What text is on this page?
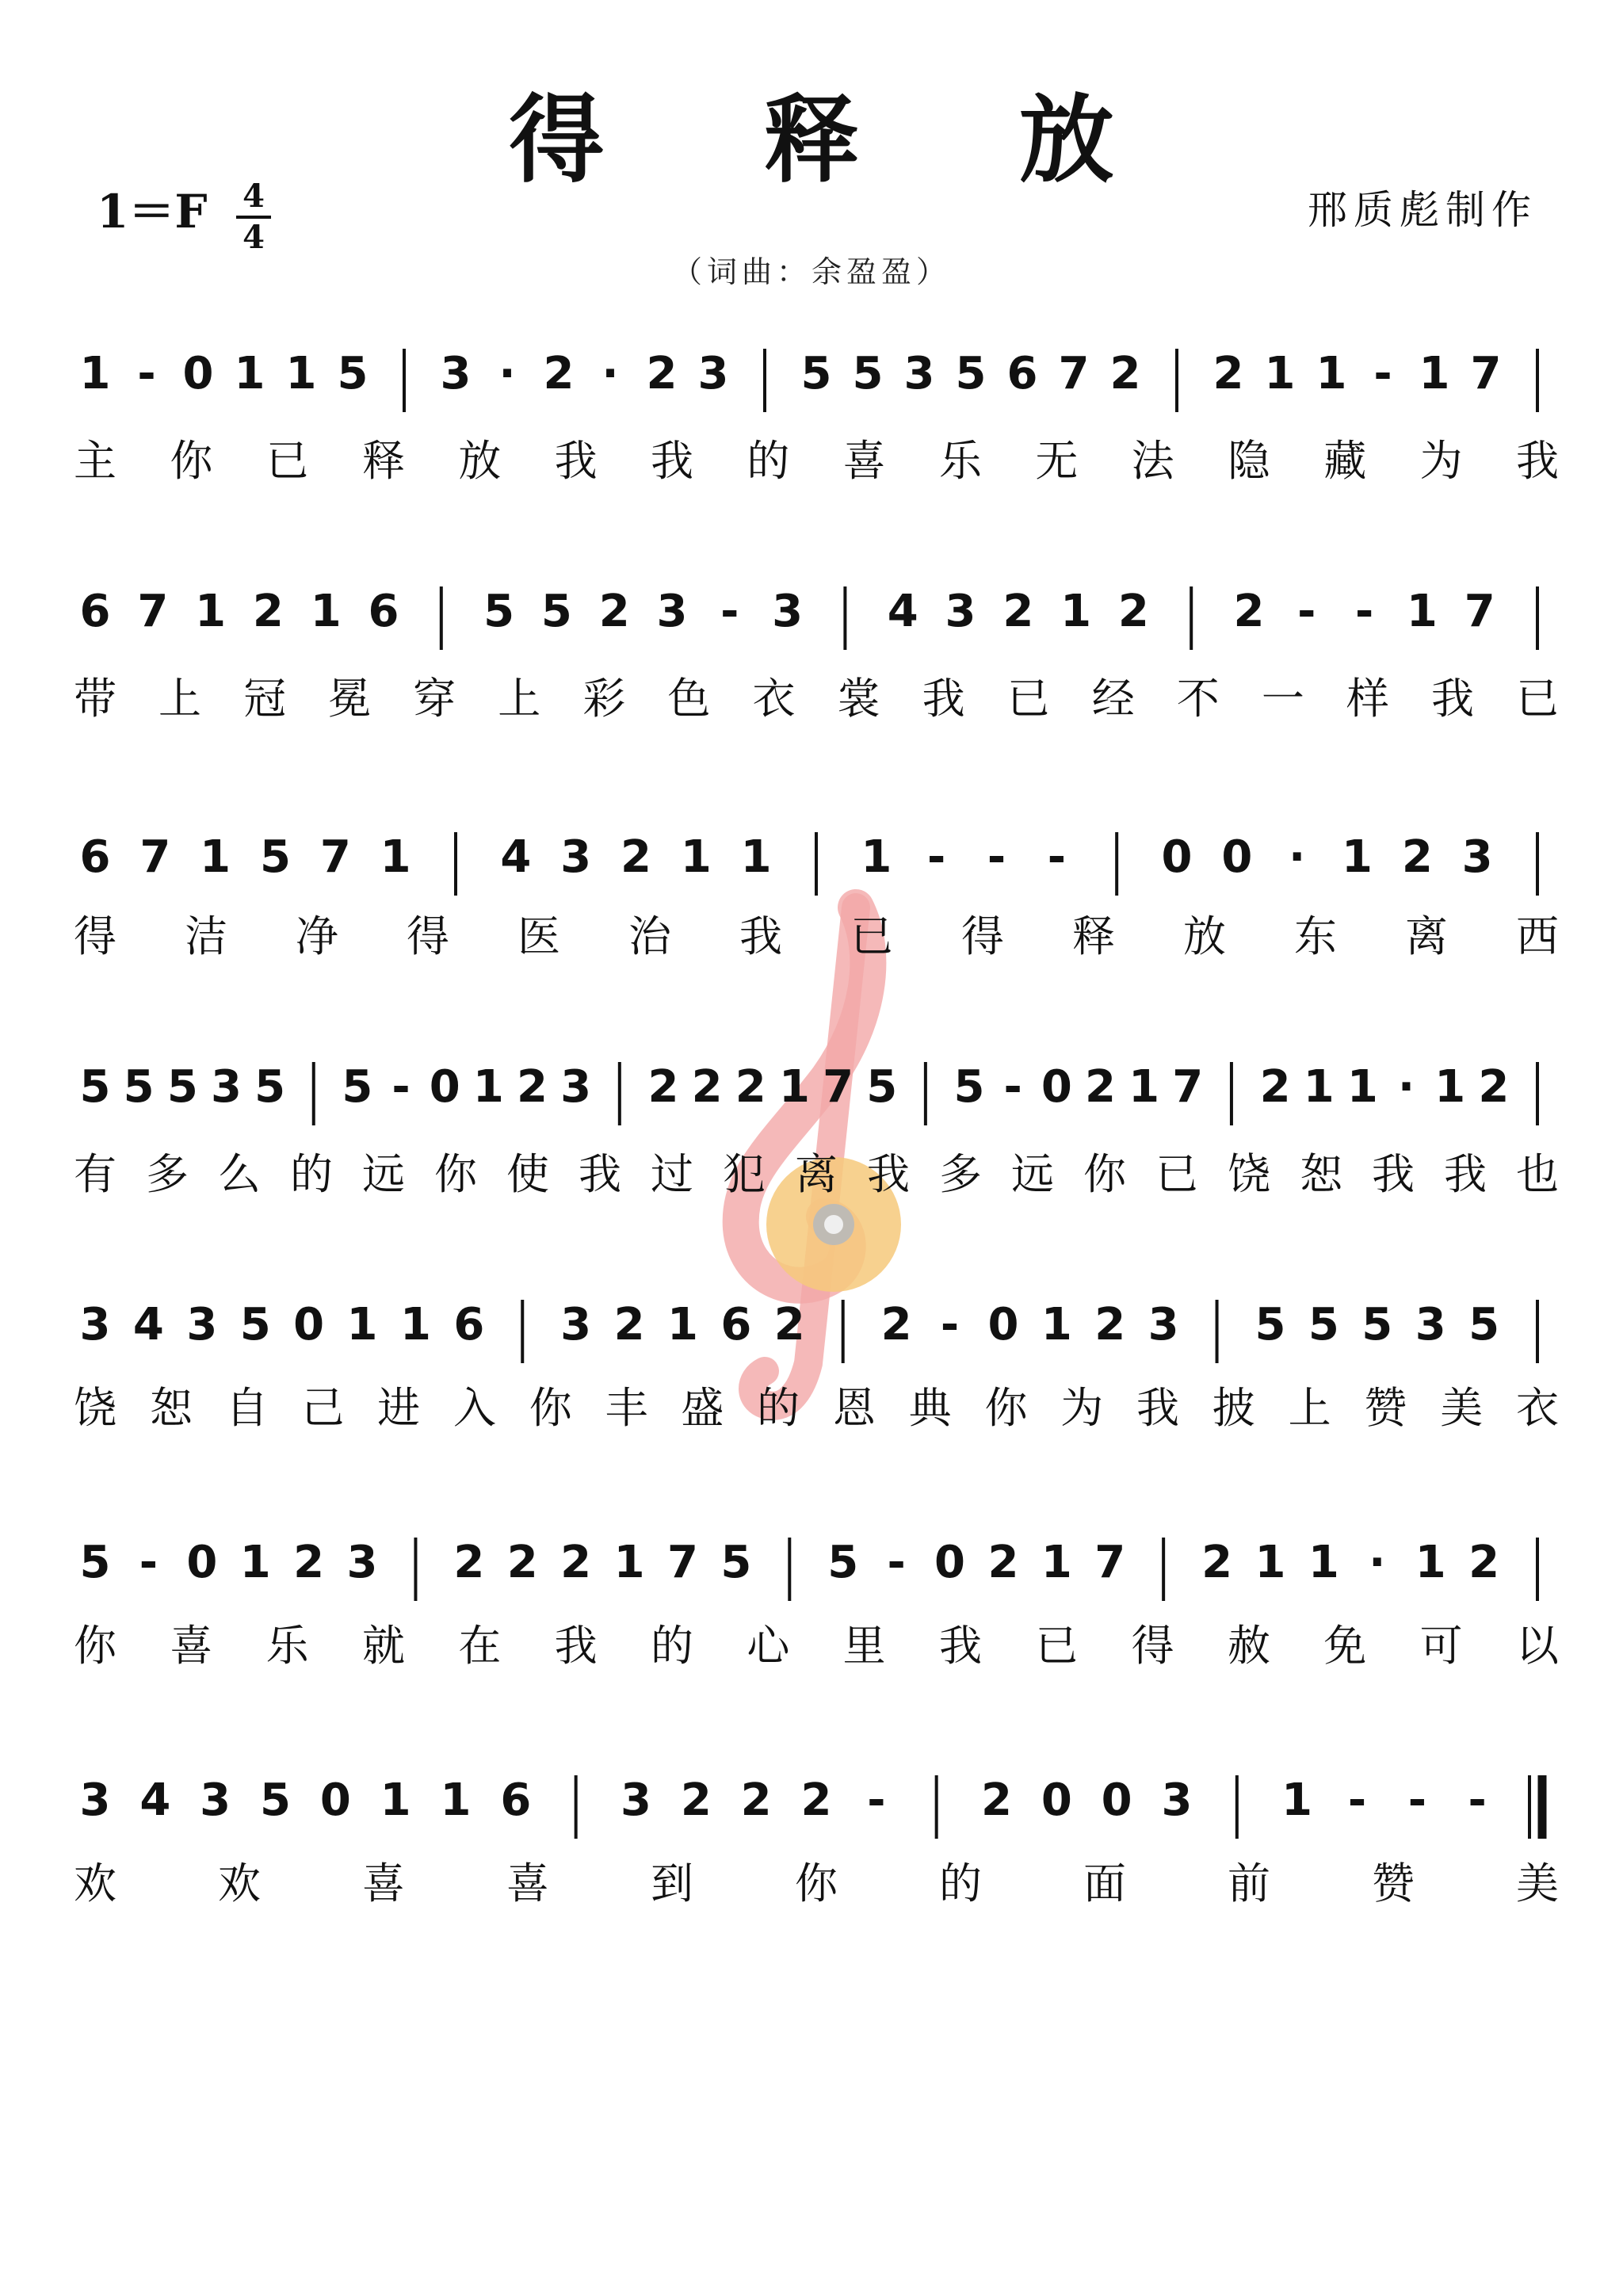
得 释 放
1＝F 4
4
邢质彪制作
（词曲：余盈盈）
1 - 0 1 1 5 3 · 2 · 2 3 5 5 3 5 6 7 2 2 1 1 - 1 7
主 你 已 释 放 我 我 的 喜 乐 无 法 隐 藏 为 我
6 7 1 2 1 6 5 5 2 3 - 3 4 3 2 1 2 2 - - 1 7
带 上 冠 冕 穿 上 彩 色 衣 裳 我 已 经 不 一 样 我 已
6 7 1 5 7 1 4 3 2 1 1 1 - - - 0 0 · 1 2 3
得 洁 净 得 医 治 我 已 得 释 放 东 离 西
5 5 5 3 5 5 - 0 1 2 3 2 2 2 1 7 5 5 - 0 2 1 7 2 1 1 · 1 2
有 多 么 的 远 你 使 我 过 犯 离 我 多 远 你 已 饶 恕 我 我 也
3 4 3 5 0 1 1 6 3 2 1 6 2 2 - 0 1 2 3 5 5 5 3 5
饶 恕 自 己 进 入 你 丰 盛 的 恩 典 你 为 我 披 上 赞 美 衣
5 - 0 1 2 3 2 2 2 1 7 5 5 - 0 2 1 7 2 1 1 · 1 2
你 喜 乐 就 在 我 的 心 里 我 已 得 赦 免 可 以
3 4 3 5 0 1 1 6 3 2 2 2 - 2 0 0 3 1 - - -
欢 欢 喜 喜 到 你 的 面 前 赞 美
